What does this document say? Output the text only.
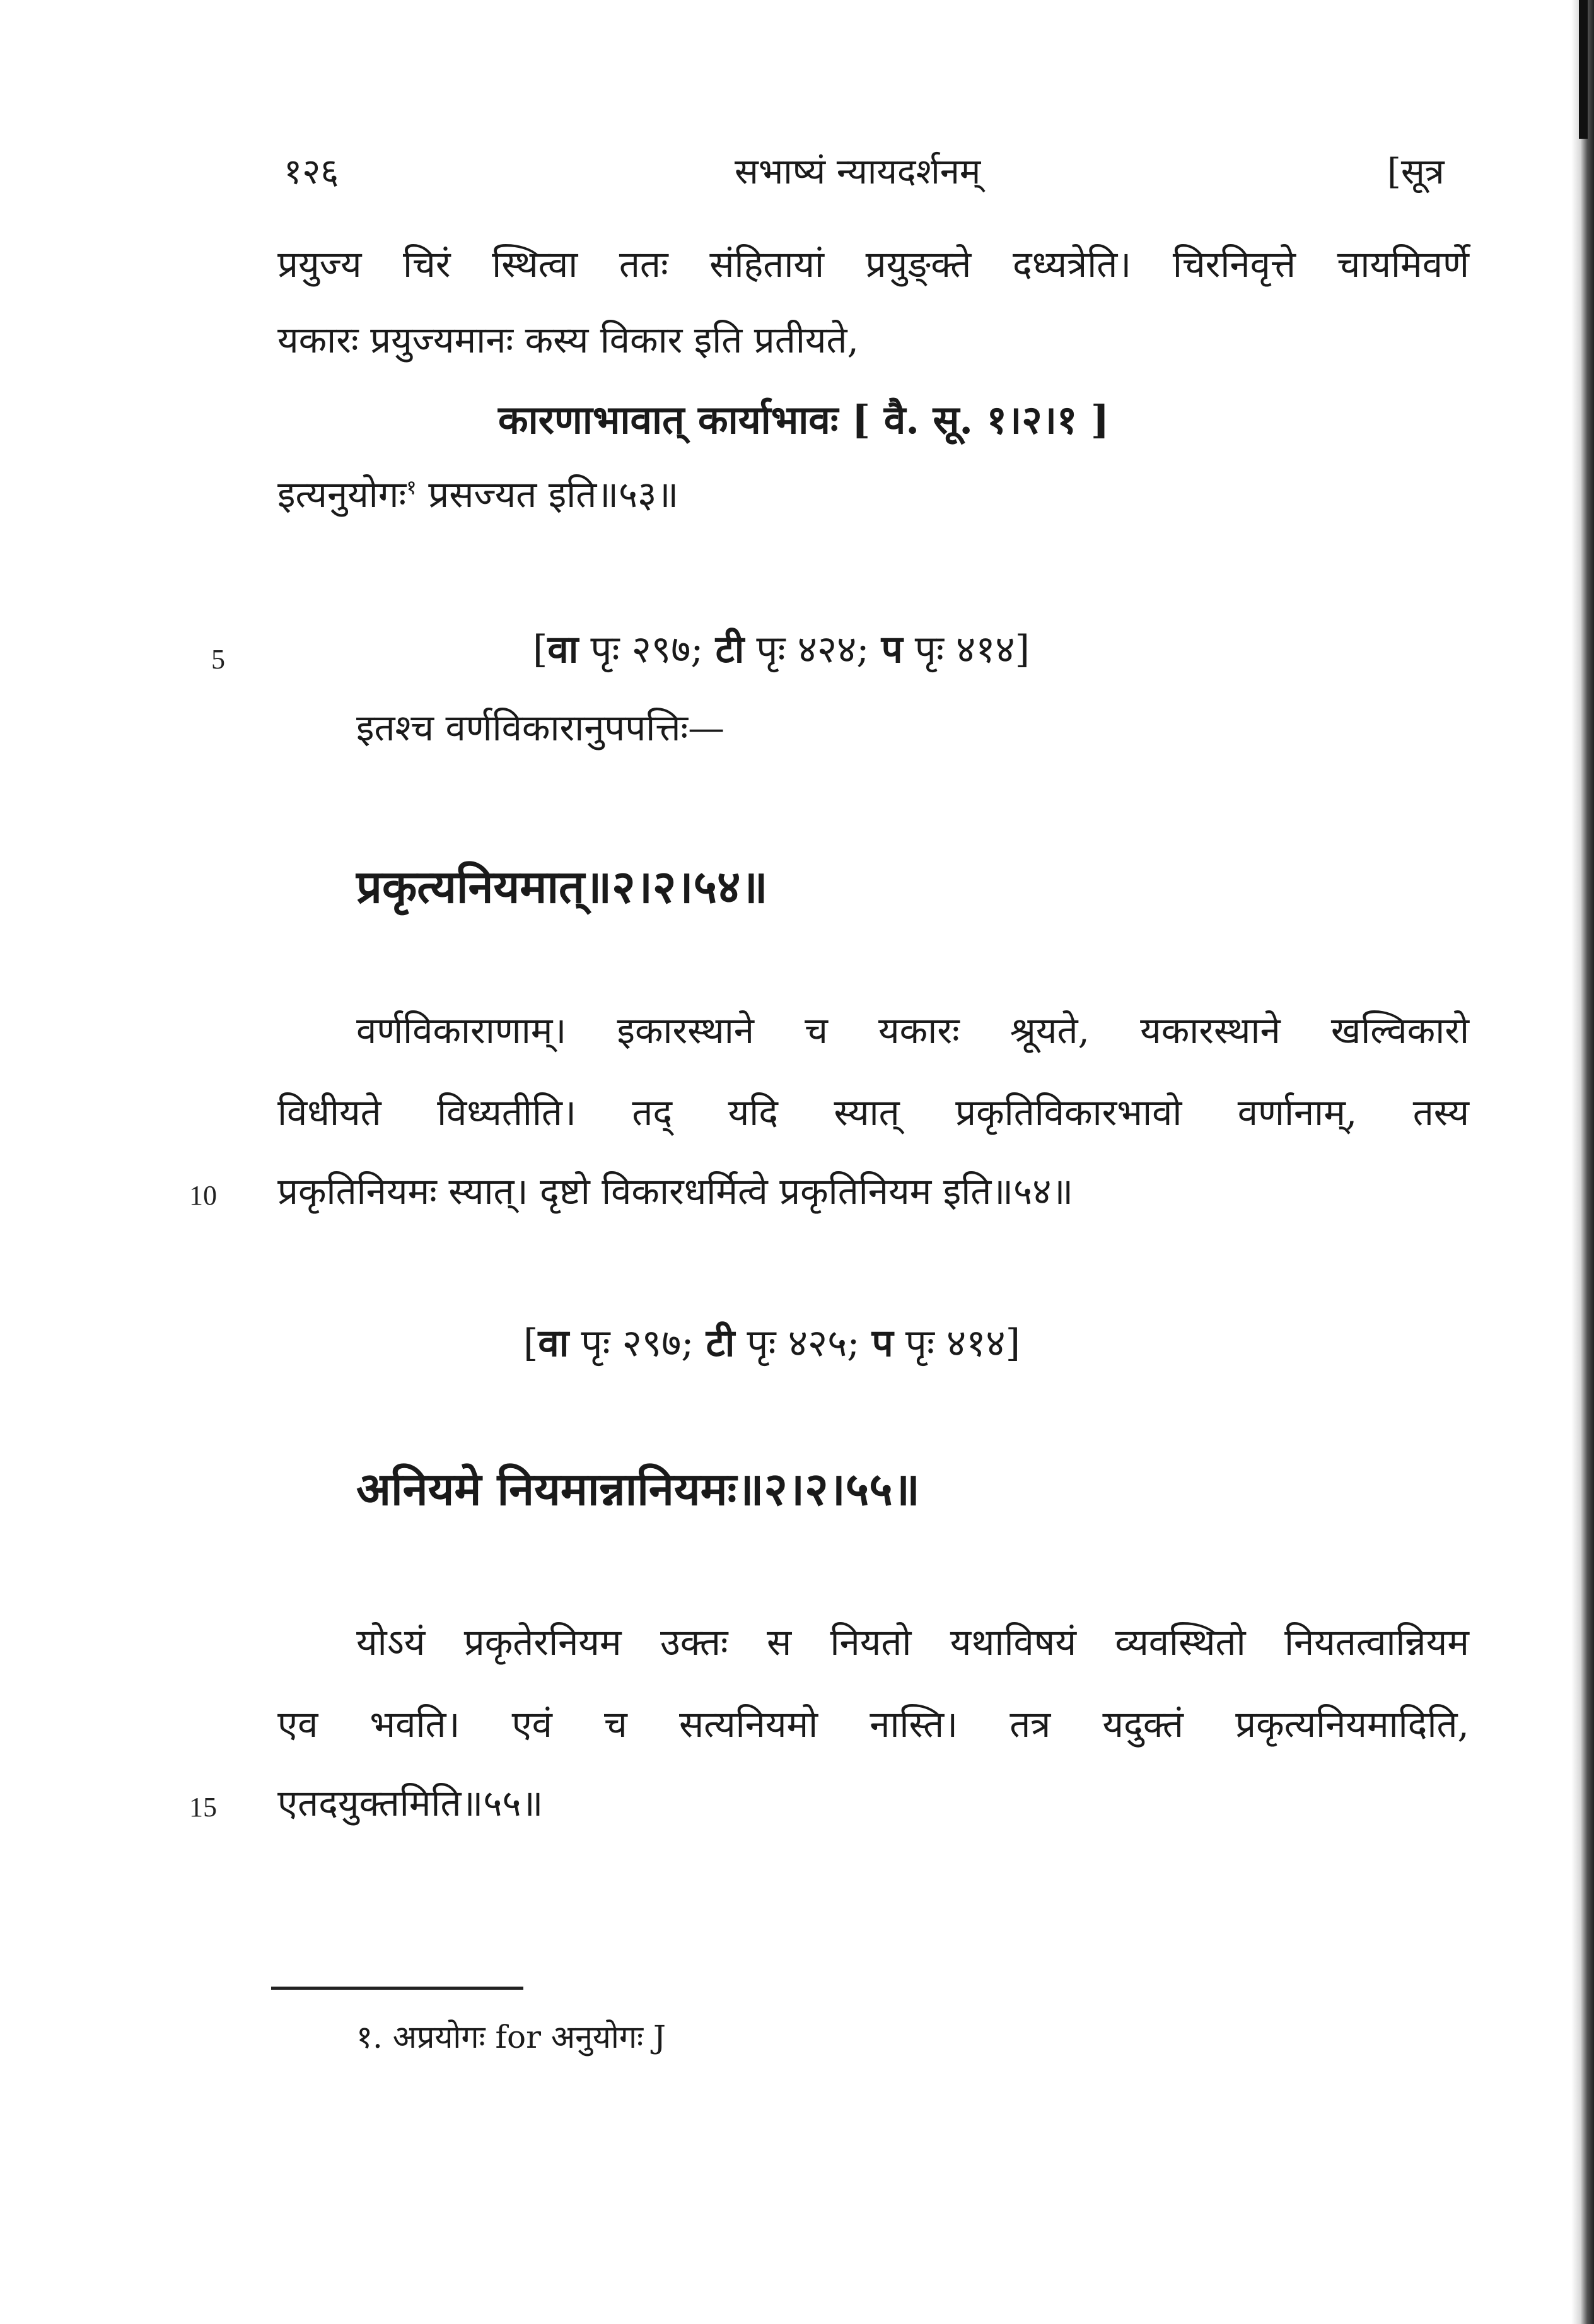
१२६	सभाष्यं न्यायदर्शनम्	[सूत्र
प्रयुज्य चिरं स्थित्वा ततः संहितायां प्रयुङ्क्ते दध्यत्रेति। चिरनिवृत्ते चायमिवर्णे
यकारः प्रयुज्यमानः कस्य विकार इति प्रतीयते,
कारणाभावात् कार्याभावः [ वै. सू. १।२।१ ]
इत्यनुयोगः$^१$ प्रसज्यत इति॥५३॥
5	[वा पृः २९७; टी पृः ४२४; प पृः ४१४]
इतश्च वर्णविकारानुपपत्तिः—
प्रकृत्यनियमात्॥२।२।५४॥
वर्णविकाराणाम्। इकारस्थाने च यकारः श्रूयते, यकारस्थाने खल्विकारो
विधीयते विध्यतीति। तद् यदि स्यात् प्रकृतिविकारभावो वर्णानाम्, तस्य
10 प्रकृतिनियमः स्यात्। दृष्टो विकारधर्मित्वे प्रकृतिनियम इति॥५४॥
[वा पृः २९७; टी पृः ४२५; प पृः ४१४]
अनियमे नियमान्नानियमः॥२।२।५५॥
योऽयं प्रकृतेरनियम उक्तः स नियतो यथाविषयं व्यवस्थितो नियतत्वान्नियम
एव भवति। एवं च सत्यनियमो नास्ति। तत्र यदुक्तं प्रकृत्यनियमादिति,
15 एतदयुक्तमिति॥५५॥
१. अप्रयोगः for अनुयोगः J
